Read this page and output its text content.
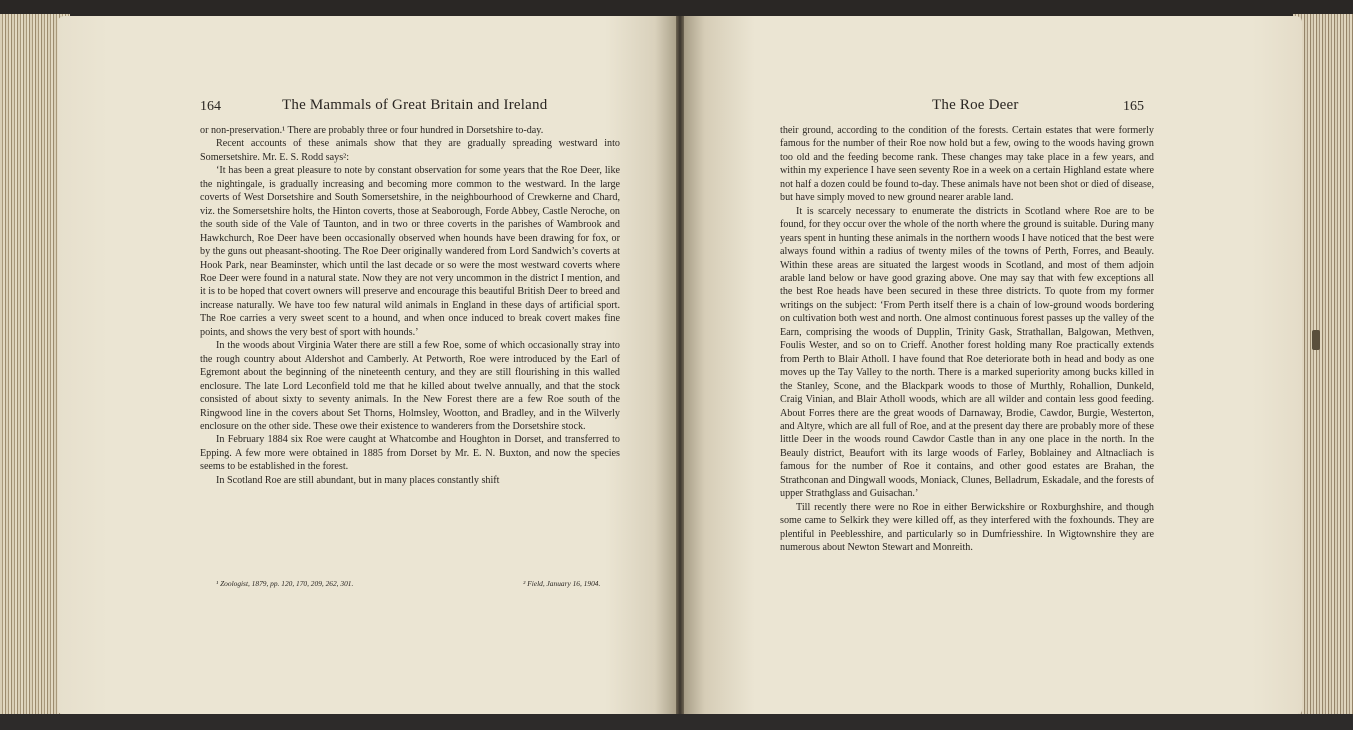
164	The Mammals of Great Britain and Ireland

or non-preservation.¹ There are probably three or four hundred in Dorsetshire to-day.

Recent accounts of these animals show that they are gradually spreading westward into Somersetshire. Mr. E. S. Rodd says²:

‘It has been a great pleasure to note by constant observation for some years that the Roe Deer, like the nightingale, is gradually increasing and becoming more common to the westward. In the large coverts of West Dorsetshire and South Somersetshire, in the neighbourhood of Crewkerne and Chard, viz. the Somersetshire holts, the Hinton coverts, those at Seaborough, Forde Abbey, Castle Neroche, on the south side of the Vale of Taunton, and in two or three coverts in the parishes of Wambrook and Hawkchurch, Roe Deer have been occasionally observed when hounds have been drawing for fox, or by the guns out pheasant-shooting. The Roe Deer originally wandered from Lord Sandwich’s coverts at Hook Park, near Beaminster, which until the last decade or so were the most westward coverts where Roe Deer were found in a natural state. Now they are not very uncommon in the district I mention, and it is to be hoped that covert owners will preserve and encourage this beautiful British Deer to breed and increase naturally. We have too few natural wild animals in England in these days of artificial sport. The Roe carries a very sweet scent to a hound, and when once induced to break covert makes fine points, and shows the very best of sport with hounds.’

In the woods about Virginia Water there are still a few Roe, some of which occasionally stray into the rough country about Aldershot and Camberly. At Petworth, Roe were introduced by the Earl of Egremont about the beginning of the nineteenth century, and they are still flourishing in this walled enclosure. The late Lord Leconfield told me that he killed about twelve annually, and that the stock consisted of about sixty to seventy animals. In the New Forest there are a few Roe south of the Ringwood line in the covers about Set Thorns, Holmsley, Wootton, and Bradley, and in the Wilverly enclosure on the other side. These owe their existence to wanderers from the Dorsetshire stock.

In February 1884 six Roe were caught at Whatcombe and Houghton in Dorset, and transferred to Epping. A few more were obtained in 1885 from Dorset by Mr. E. N. Buxton, and now the species seems to be established in the forest.

In Scotland Roe are still abundant, but in many places constantly shift

¹ Zoologist, 1879, pp. 120, 170, 209, 262, 301.	² Field, January 16, 1904.
The Roe Deer	165

their ground, according to the condition of the forests. Certain estates that were formerly famous for the number of their Roe now hold but a few, owing to the woods having grown too old and the feeding become rank. These changes may take place in a few years, and within my experience I have seen seventy Roe in a week on a certain Highland estate where not half a dozen could be found to-day. These animals have not been shot or died of disease, but have simply moved to new ground nearer arable land.

It is scarcely necessary to enumerate the districts in Scotland where Roe are to be found, for they occur over the whole of the north where the ground is suitable. During many years spent in hunting these animals in the northern woods I have noticed that the best were always found within a radius of twenty miles of the towns of Perth, Forres, and Beauly. Within these areas are situated the largest woods in Scotland, and most of them adjoin arable land below or have good grazing above. One may say that with few exceptions all the best Roe heads have been secured in these three districts. To quote from my former writings on the subject: ‘From Perth itself there is a chain of low-ground woods bordering on cultivation both west and north. One almost continuous forest passes up the valley of the Earn, comprising the woods of Dupplin, Trinity Gask, Strathallan, Balgowan, Methven, Foulis Wester, and so on to Crieff. Another forest holding many Roe practically extends from Perth to Blair Atholl. I have found that Roe deteriorate both in head and body as one moves up the Tay Valley to the north. There is a marked superiority among bucks killed in the Stanley, Scone, and the Blackpark woods to those of Murthly, Rohallion, Dunkeld, Craig Vinian, and Blair Atholl woods, which are all wilder and contain less good feeding. About Forres there are the great woods of Darnaway, Brodie, Cawdor, Burgie, Westerton, and Altyre, which are all full of Roe, and at the present day there are probably more of these little Deer in the woods round Cawdor Castle than in any one place in the north. In the Beauly district, Beaufort with its large woods of Farley, Boblainey and Altnacliach is famous for the number of Roe it contains, and other good estates are Brahan, the Strathconan and Dingwall woods, Moniack, Clunes, Belladrum, Eskadale, and the forests of upper Strathglass and Guisachan.’

Till recently there were no Roe in either Berwickshire or Roxburghshire, and though some came to Selkirk they were killed off, as they interfered with the foxhounds. They are plentiful in Peeblesshire, and particularly so in Dumfriesshire. In Wigtownshire they are numerous about Newton Stewart and Monreith.
